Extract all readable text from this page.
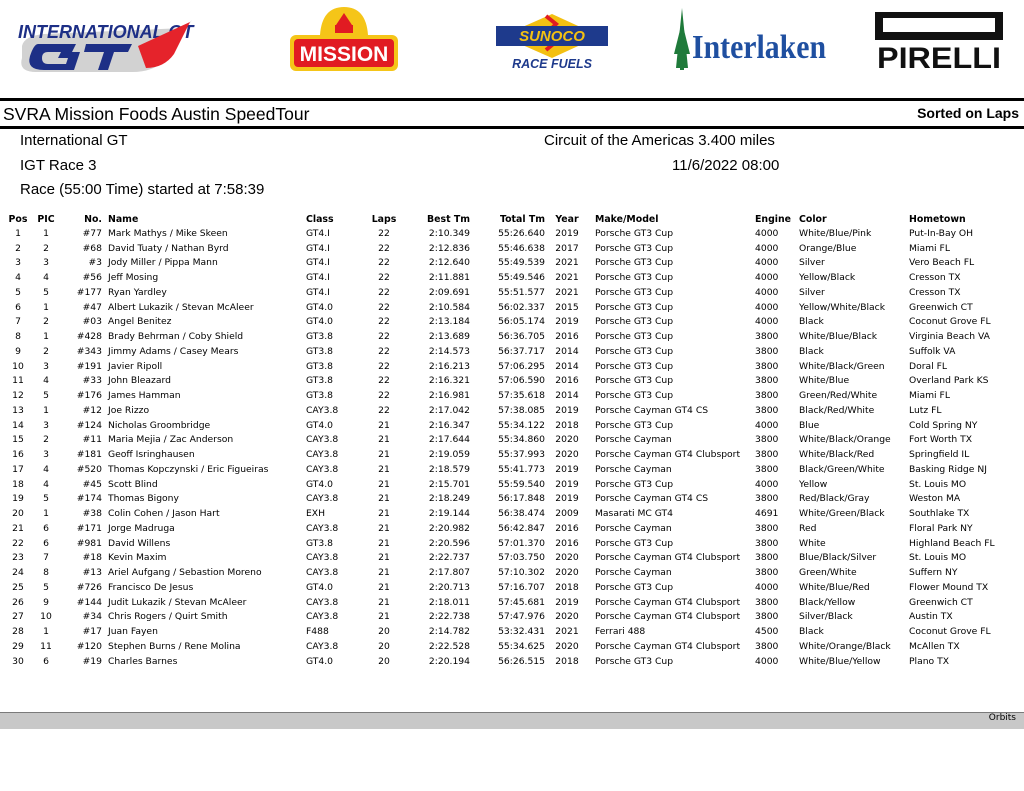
INTERNATIONAL GT
MISSION
SUNOCO
RACE FUELS	Interlaken PIRELLI
SVRA Mission Foods Austin SpeedTour	Sorted on Laps
International GT	Circuit of the Americas 3.400 miles
IGT Race 3	11/6/2022 08:00
Race (55:00 Time) started at 7:58:39
Pos	PIC	No.	Name	Class	Laps	Best Tm	Total Tm	Year	Make/Model	Engine	Color	Hometown
1	1	#77	Mark Mathys / Mike Skeen	GT4.I	22	2:10.349	55:26.640	2019	Porsche GT3 Cup	4000	White/Blue/Pink	Put-In-Bay OH
2	2	#68	David Tuaty / Nathan Byrd	GT4.I	22	2:12.836	55:46.638	2017	Porsche GT3 Cup	4000	Orange/Blue	Miami FL
3	3	#3	Jody Miller / Pippa Mann	GT4.I	22	2:12.640	55:49.539	2021	Porsche GT3 Cup	4000	Silver	Vero Beach FL
4	4	#56	Jeff Mosing	GT4.I	22	2:11.881	55:49.546	2021	Porsche GT3 Cup	4000	Yellow/Black	Cresson TX
5	5	#177	Ryan Yardley	GT4.I	22	2:09.691	55:51.577	2021	Porsche GT3 Cup	4000	Silver	Cresson TX
6	1	#47	Albert Lukazik / Stevan McAleer	GT4.0	22	2:10.584	56:02.337	2015	Porsche GT3 Cup	4000	Yellow/White/Black	Greenwich CT
7	2	#03	Angel Benitez	GT4.0	22	2:13.184	56:05.174	2019	Porsche GT3 Cup	4000	Black	Coconut Grove FL
8	1	#428	Brady Behrman / Coby Shield	GT3.8	22	2:13.689	56:36.705	2016	Porsche GT3 Cup	3800	White/Blue/Black	Virginia Beach VA
9	2	#343	Jimmy Adams / Casey Mears	GT3.8	22	2:14.573	56:37.717	2014	Porsche GT3 Cup	3800	Black	Suffolk VA
10	3	#191	Javier Ripoll	GT3.8	22	2:16.213	57:06.295	2014	Porsche GT3 Cup	3800	White/Black/Green	Doral FL
11	4	#33	John Bleazard	GT3.8	22	2:16.321	57:06.590	2016	Porsche GT3 Cup	3800	White/Blue	Overland Park KS
12	5	#176	James Hamman	GT3.8	22	2:16.981	57:35.618	2014	Porsche GT3 Cup	3800	Green/Red/White	Miami FL
13	1	#12	Joe Rizzo	CAY3.8	22	2:17.042	57:38.085	2019	Porsche Cayman GT4 CS	3800	Black/Red/White	Lutz FL
14	3	#124	Nicholas Groombridge	GT4.0	21	2:16.347	55:34.122	2018	Porsche GT3 Cup	4000	Blue	Cold Spring NY
15	2	#11	Maria Mejia / Zac Anderson	CAY3.8	21	2:17.644	55:34.860	2020	Porsche Cayman	3800	White/Black/Orange	Fort Worth TX
16	3	#181	Geoff Isringhausen	CAY3.8	21	2:19.059	55:37.993	2020	Porsche Cayman GT4 Clubsport	3800	White/Black/Red	Springfield IL
17	4	#520	Thomas Kopczynski / Eric Figueiras	CAY3.8	21	2:18.579	55:41.773	2019	Porsche Cayman	3800	Black/Green/White	Basking Ridge NJ
18	4	#45	Scott Blind	GT4.0	21	2:15.701	55:59.540	2019	Porsche GT3 Cup	4000	Yellow	St. Louis MO
19	5	#174	Thomas Bigony	CAY3.8	21	2:18.249	56:17.848	2019	Porsche Cayman GT4 CS	3800	Red/Black/Gray	Weston MA
20	1	#38	Colin Cohen / Jason Hart	EXH	21	2:19.144	56:38.474	2009	Masarati MC GT4	4691	White/Green/Black	Southlake TX
21	6	#171	Jorge Madruga	CAY3.8	21	2:20.982	56:42.847	2016	Porsche Cayman	3800	Red	Floral Park NY
22	6	#981	David Willens	GT3.8	21	2:20.596	57:01.370	2016	Porsche GT3 Cup	3800	White	Highland Beach FL
23	7	#18	Kevin Maxim	CAY3.8	21	2:22.737	57:03.750	2020	Porsche Cayman GT4 Clubsport	3800	Blue/Black/Silver	St. Louis MO
24	8	#13	Ariel Aufgang / Sebastion Moreno	CAY3.8	21	2:17.807	57:10.302	2020	Porsche Cayman	3800	Green/White	Suffern NY
25	5	#726	Francisco De Jesus	GT4.0	21	2:20.713	57:16.707	2018	Porsche GT3 Cup	4000	White/Blue/Red	Flower Mound TX
26	9	#144	Judit Lukazik / Stevan McAleer	CAY3.8	21	2:18.011	57:45.681	2019	Porsche Cayman GT4 Clubsport	3800	Black/Yellow	Greenwich CT
27	10	#34	Chris Rogers / Quirt Smith	CAY3.8	21	2:22.738	57:47.976	2020	Porsche Cayman GT4 Clubsport	3800	Silver/Black	Austin TX
28	1	#17	Juan Fayen	F488	20	2:14.782	53:32.431	2021	Ferrari 488	4500	Black	Coconut Grove FL
29	11	#120	Stephen Burns / Rene Molina	CAY3.8	20	2:22.528	55:34.625	2020	Porsche Cayman GT4 Clubsport	3800	White/Orange/Black	McAllen TX
30	6	#19	Charles Barnes	GT4.0	20	2:20.194	56:26.515	2018	Porsche GT3 Cup	4000	White/Blue/Yellow	Plano TX
Orbits
